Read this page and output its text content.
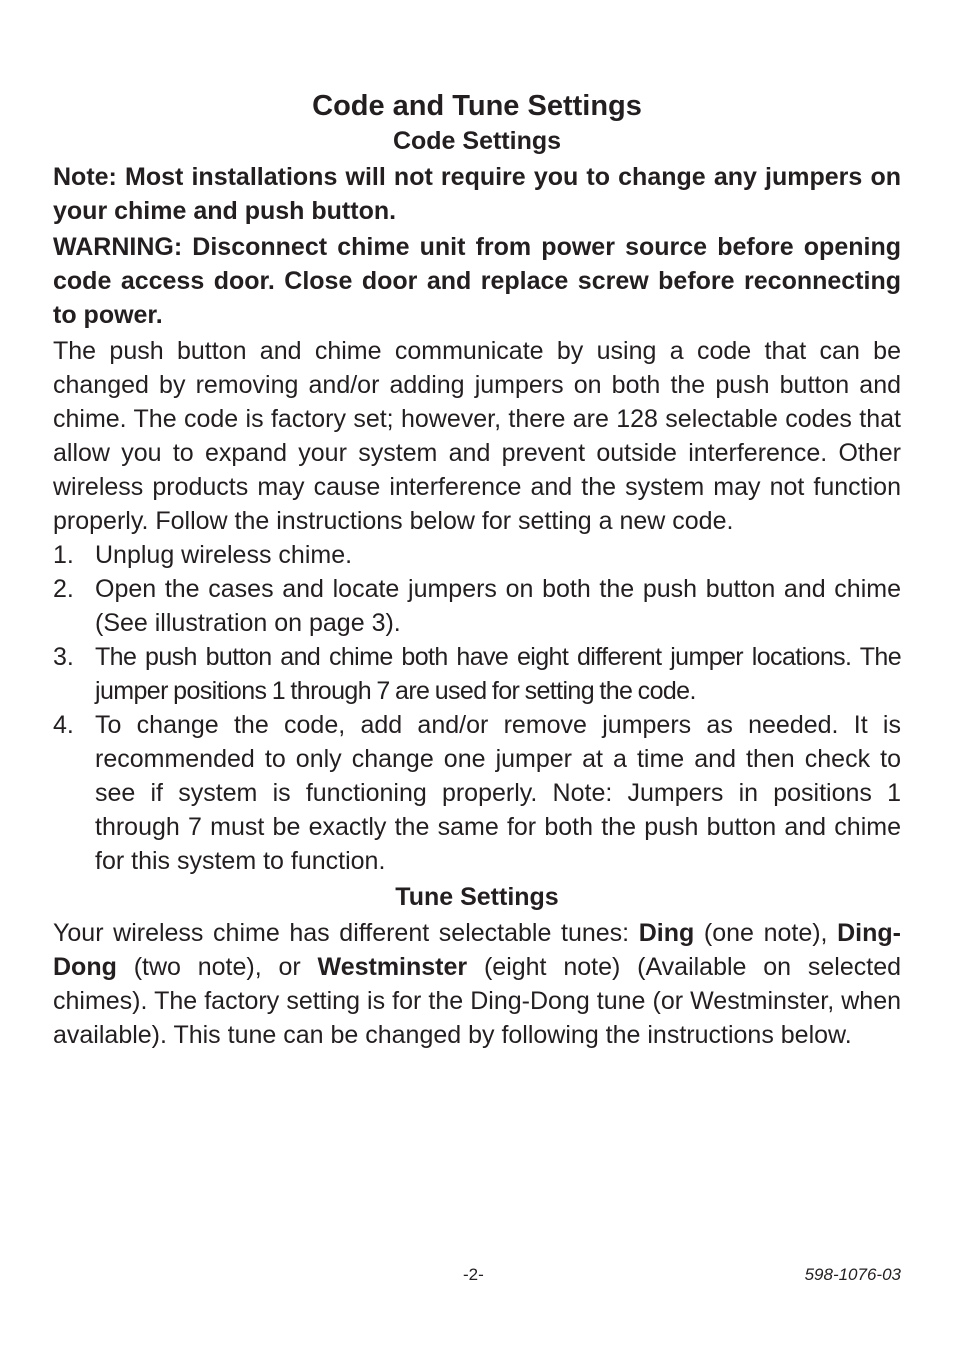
Code and Tune Settings
Code Settings

Note: Most installations will not require you to change any jumpers on your chime and push button.

WARNING: Disconnect chime unit from power source before opening code access door. Close door and replace screw before reconnecting to power.

The push button and chime communicate by using a code that can be changed by removing and/or adding jumpers on both the push button and chime. The code is factory set; however, there are 128 selectable codes that allow you to expand your system and prevent outside interference. Other wireless products may cause interference and the system may not function properly. Follow the instructions below for setting a new code.

1. Unplug wireless chime.
2. Open the cases and locate jumpers on both the push button and chime (See illustration on page 3).
3. The push button and chime both have eight different jumper locations. The jumper positions 1 through 7 are used for setting the code.
4. To change the code, add and/or remove jumpers as needed. It is recommended to only change one jumper at a time and then check to see if system is functioning properly. Note: Jumpers in positions 1 through 7 must be exactly the same for both the push button and chime for this system to function.
Tune Settings

Your wireless chime has different selectable tunes: Ding (one note), Ding-Dong (two note), or Westminster (eight note) (Available on selected chimes). The factory setting is for the Ding-Dong tune (or Westminster, when available). This tune can be changed by following the instructions below.

-2-	598-1076-03
